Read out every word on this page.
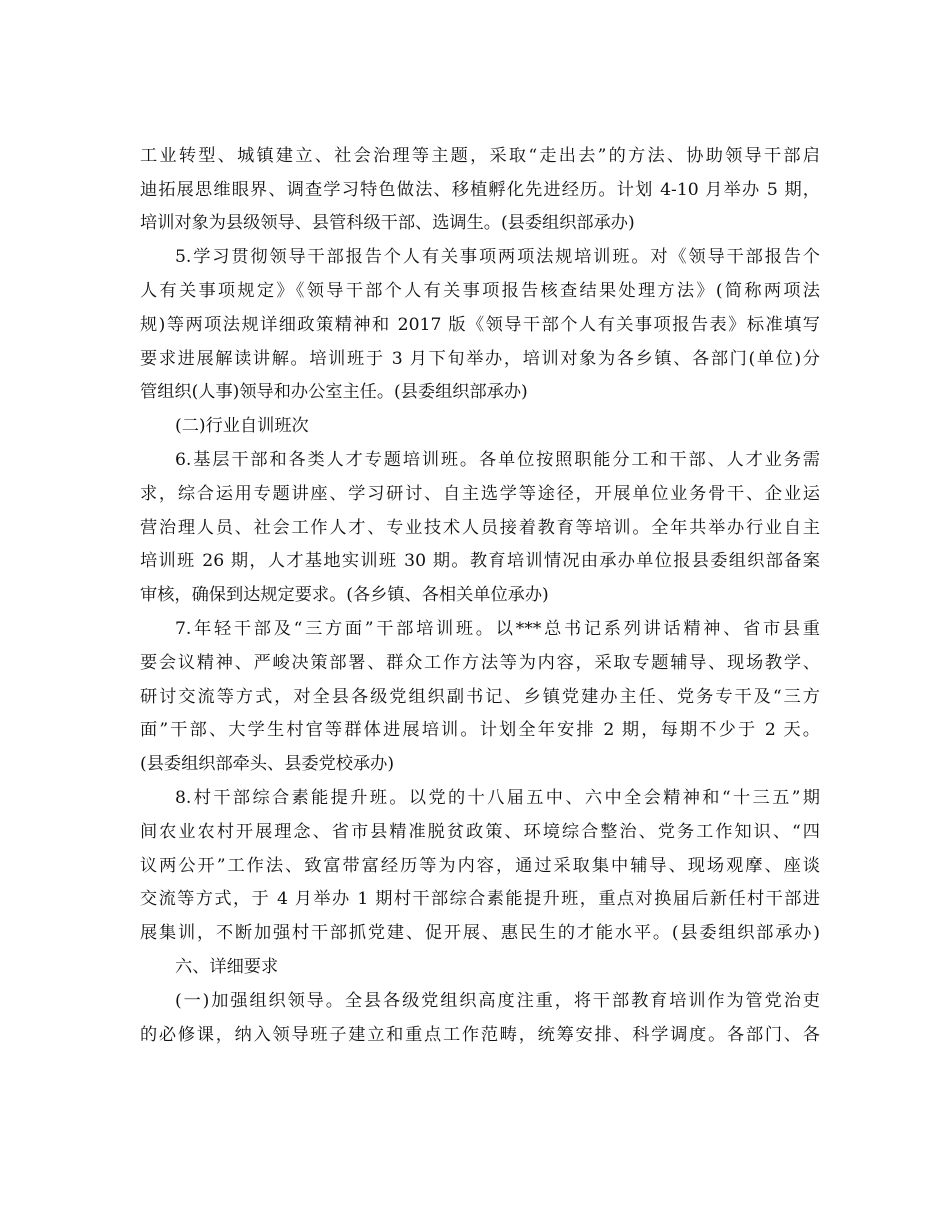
工业转型、城镇建立、社会治理等主题，采取“走出去”的方法、协助领导干部启
迪拓展思维眼界、调查学习特色做法、移植孵化先进经历。计划 4-10 月举办 5 期，
培训对象为县级领导、县管科级干部、选调生。(县委组织部承办)
5.学习贯彻领导干部报告个人有关事项两项法规培训班。对《领导干部报告个
人有关事项规定》《领导干部个人有关事项报告核查结果处理方法》(简称两项法
规)等两项法规详细政策精神和 2017 版《领导干部个人有关事项报告表》标准填写
要求进展解读讲解。培训班于 3 月下旬举办，培训对象为各乡镇、各部门(单位)分
管组织(人事)领导和办公室主任。(县委组织部承办)
(二)行业自训班次
6.基层干部和各类人才专题培训班。各单位按照职能分工和干部、人才业务需
求，综合运用专题讲座、学习研讨、自主选学等途径，开展单位业务骨干、企业运
营治理人员、社会工作人才、专业技术人员接着教育等培训。全年共举办行业自主
培训班 26 期，人才基地实训班 30 期。教育培训情况由承办单位报县委组织部备案
审核，确保到达规定要求。(各乡镇、各相关单位承办)
7.年轻干部及“三方面”干部培训班。以***总书记系列讲话精神、省市县重
要会议精神、严峻决策部署、群众工作方法等为内容，采取专题辅导、现场教学、
研讨交流等方式，对全县各级党组织副书记、乡镇党建办主任、党务专干及“三方
面”干部、大学生村官等群体进展培训。计划全年安排 2 期，每期不少于 2 天。
(县委组织部牵头、县委党校承办)
8.村干部综合素能提升班。以党的十八届五中、六中全会精神和“十三五”期
间农业农村开展理念、省市县精准脱贫政策、环境综合整治、党务工作知识、“四
议两公开”工作法、致富带富经历等为内容，通过采取集中辅导、现场观摩、座谈
交流等方式，于 4 月举办 1 期村干部综合素能提升班，重点对换届后新任村干部进
展集训，不断加强村干部抓党建、促开展、惠民生的才能水平。(县委组织部承办)
六、详细要求
(一)加强组织领导。全县各级党组织高度注重，将干部教育培训作为管党治吏
的必修课，纳入领导班子建立和重点工作范畴，统筹安排、科学调度。各部门、各
